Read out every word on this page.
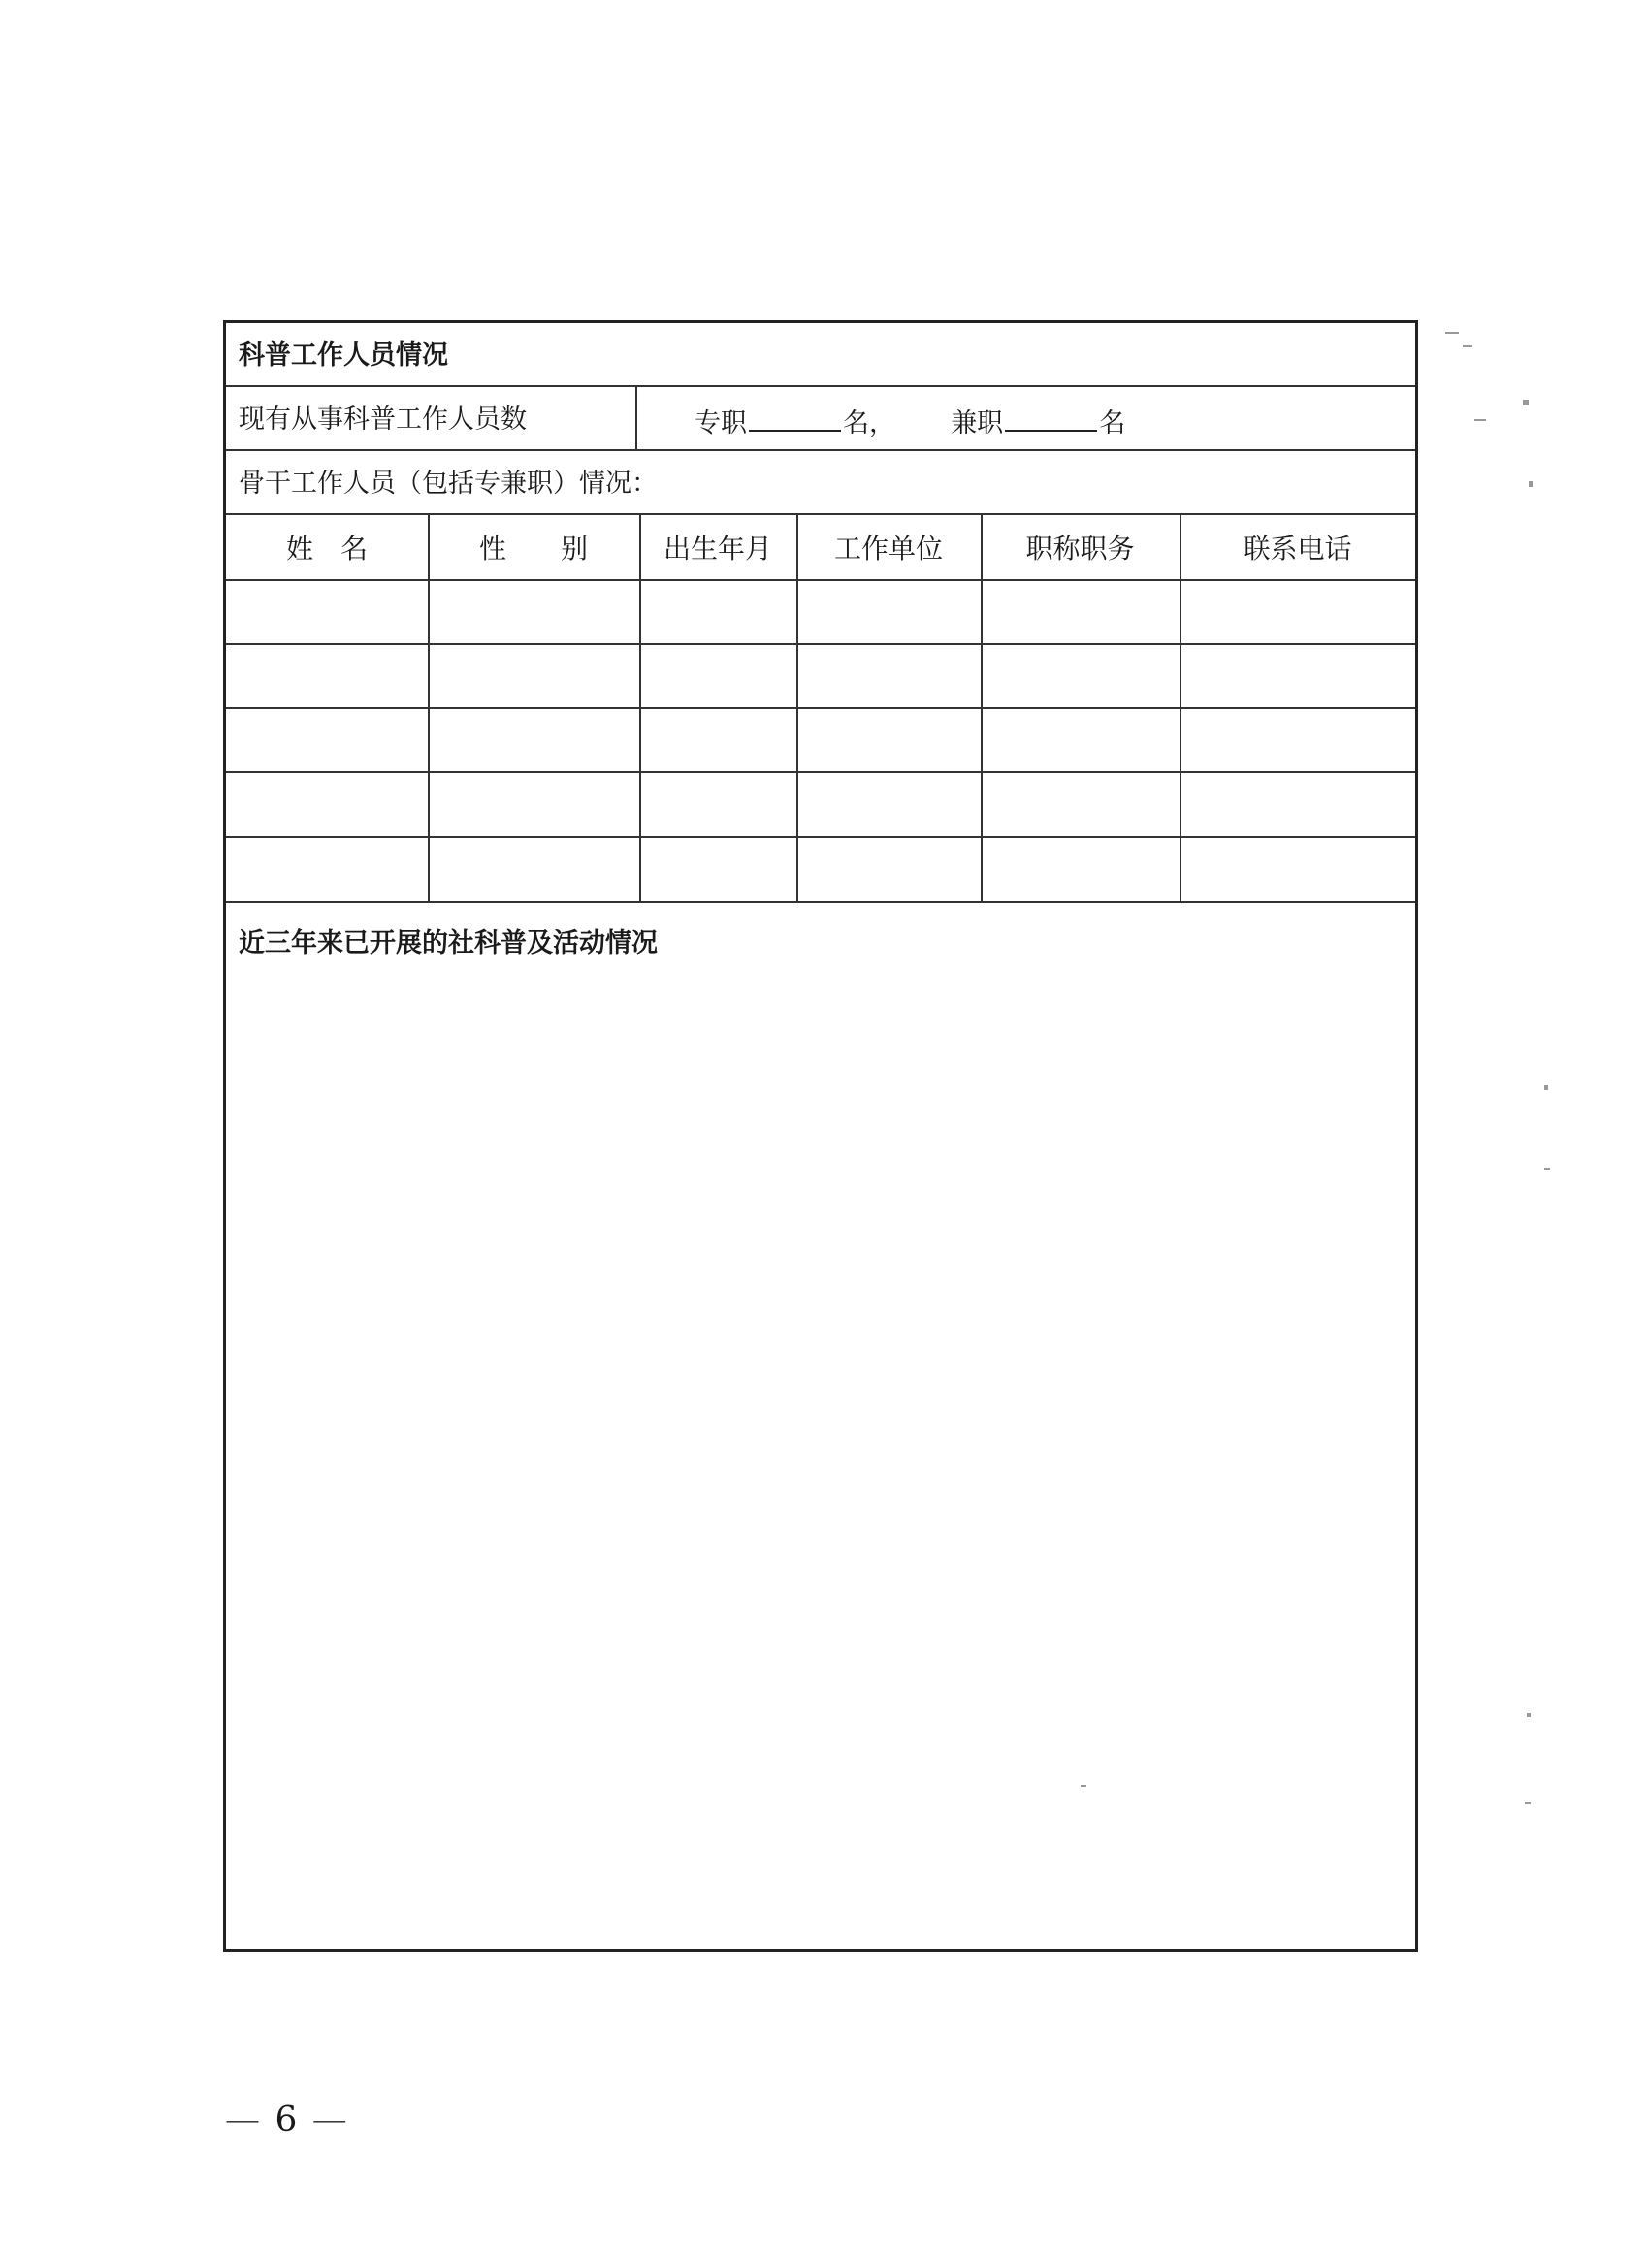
科普工作人员情况
现有从事科普工作人员数	专职	名， 兼职	名
骨干工作人员（包括专兼职）情况：
姓　名	性　　别	出生年月	工作单位	职称职务	联系电话
近三年来已开展的社科普及活动情况
— 6 —
